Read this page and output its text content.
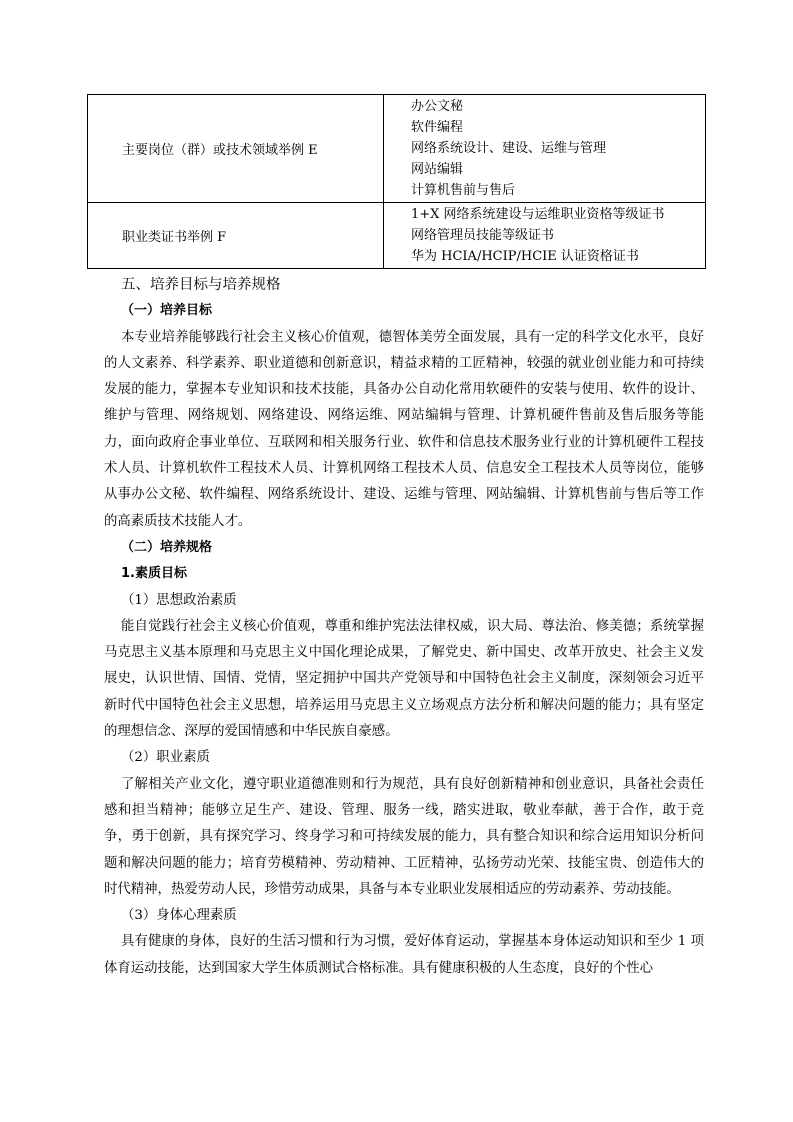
主要岗位（群）或技术领域举例 E	办公文秘
软件编程
网络系统设计、建设、运维与管理
网站编辑
计算机售前与售后

职业类证书举例 F	1+X 网络系统建设与运维职业资格等级证书
网络管理员技能等级证书
华为 HCIA/HCIP/HCIE 认证资格证书

五、培养目标与培养规格

（一）培养目标

本专业培养能够践行社会主义核心价值观，德智体美劳全面发展，具有一定的科学文化水平，良好的人文素养、科学素养、职业道德和创新意识，精益求精的工匠精神，较强的就业创业能力和可持续发展的能力，掌握本专业知识和技术技能，具备办公自动化常用软硬件的安装与使用、软件的设计、维护与管理、网络规划、网络建设、网络运维、网站编辑与管理、计算机硬件售前及售后服务等能力，面向政府企事业单位、互联网和相关服务行业、软件和信息技术服务业行业的计算机硬件工程技术人员、计算机软件工程技术人员、计算机网络工程技术人员、信息安全工程技术人员等岗位，能够从事办公文秘、软件编程、网络系统设计、建设、运维与管理、网站编辑、计算机售前与售后等工作的高素质技术技能人才。

（二）培养规格

1.素质目标

（1）思想政治素质

能自觉践行社会主义核心价值观，尊重和维护宪法法律权威，识大局、尊法治、修美德；系统掌握马克思主义基本原理和马克思主义中国化理论成果，了解党史、新中国史、改革开放史、社会主义发展史，认识世情、国情、党情，坚定拥护中国共产党领导和中国特色社会主义制度，深刻领会习近平新时代中国特色社会主义思想，培养运用马克思主义立场观点方法分析和解决问题的能力；具有坚定的理想信念、深厚的爱国情感和中华民族自豪感。

（2）职业素质

了解相关产业文化，遵守职业道德准则和行为规范，具有良好创新精神和创业意识，具备社会责任感和担当精神；能够立足生产、建设、管理、服务一线，踏实进取，敬业奉献，善于合作，敢于竞争，勇于创新，具有探究学习、终身学习和可持续发展的能力，具有整合知识和综合运用知识分析问题和解决问题的能力；培育劳模精神、劳动精神、工匠精神，弘扬劳动光荣、技能宝贵、创造伟大的时代精神，热爱劳动人民，珍惜劳动成果，具备与本专业职业发展相适应的劳动素养、劳动技能。

（3）身体心理素质

具有健康的身体，良好的生活习惯和行为习惯，爱好体育运动，掌握基本身体运动知识和至少 1 项体育运动技能，达到国家大学生体质测试合格标准。具有健康积极的人生态度，良好的个性心
